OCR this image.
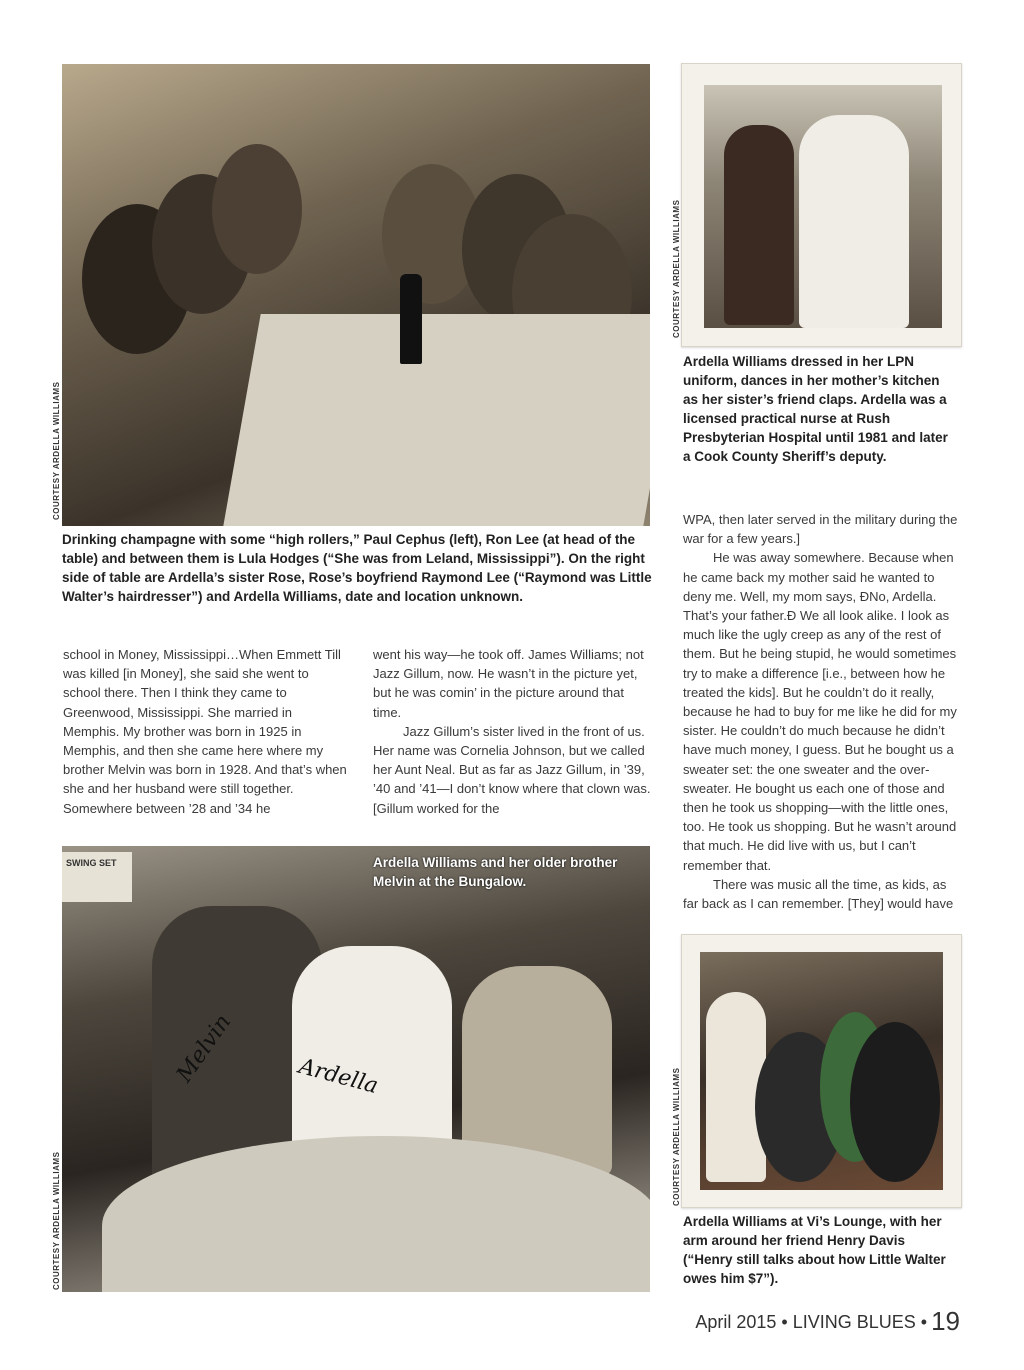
COURTESY ARDELLA WILLIAMS
Drinking champagne with some “high rollers,” Paul Cephus (left), Ron Lee (at head of the table) and between them is Lula Hodges (“She was from Leland, Mississippi”). On the right side of table are Ardella’s sister Rose, Rose’s boyfriend Raymond Lee (“Raymond was Little Walter’s hairdresser”) and Ardella Williams, date and location unknown.
COURTESY ARDELLA WILLIAMS
Ardella Williams dressed in her LPN uniform, dances in her mother’s kitchen as her sister’s friend claps. Ardella was a licensed practical nurse at Rush Presbyterian Hospital until 1981 and later a Cook County Sheriff’s deputy.

school in Money, Mississippi…When Emmett Till was killed [in Money], she said she went to school there. Then I think they came to Greenwood, Mississippi. She married in Memphis. My brother was born in 1925 in Memphis, and then she came here where my brother Melvin was born in 1928. And that’s when she and her husband were still together. Somewhere between ’28 and ’34 he

went his way—he took off. James Williams; not Jazz Gillum, now. He wasn’t in the picture yet, but he was comin’ in the picture around that time.

Jazz Gillum’s sister lived in the front of us. Her name was Cornelia Johnson, but we called her Aunt Neal. But as far as Jazz Gillum, in ’39, ’40 and ’41—I don’t know where that clown was. [Gillum worked for the

WPA, then later served in the military during the war for a few years.]

He was away somewhere. Because when he came back my mother said he wanted to deny me. Well, my mom says, ÐNo, Ardella. That’s your father.Ð We all look alike. I look as much like the ugly creep as any of the rest of them. But he being stupid, he would sometimes try to make a difference [i.e., between how he treated the kids]. But he couldn’t do it really, because he had to buy for me like he did for my sister. He couldn’t do much because he didn’t have much money, I guess. But he bought us a sweater set: the one sweater and the over-sweater. He bought us each one of those and then he took us shopping—with the little ones, too. He took us shopping. But he wasn’t around that much. He did live with us, but I can’t remember that.

There was music all the time, as kids, as far back as I can remember. [They] would have

SWING SET
Melvin	Ardella
Ardella Williams and her older brother Melvin at the Bungalow.
COURTESY ARDELLA WILLIAMS
COURTESY ARDELLA WILLIAMS
Ardella Williams at Vi’s Lounge, with her arm around her friend Henry Davis (“Henry still talks about how Little Walter owes him $7”).
April 2015 • LIVING BLUES • 19
